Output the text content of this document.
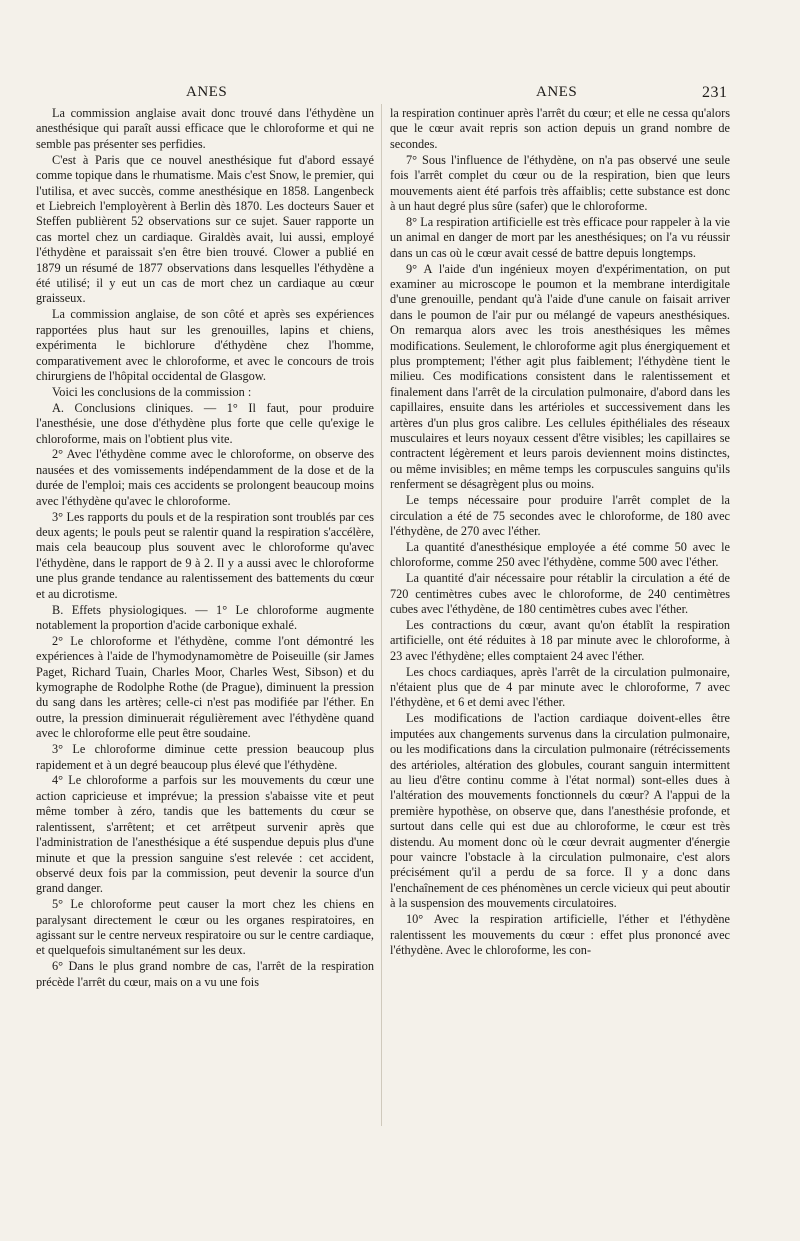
ANES	ANES	231

La commission anglaise avait donc trouvé dans l'éthydène un anesthésique qui paraît aussi efficace que le chloroforme et qui ne semble pas présenter ses perfidies.

C'est à Paris que ce nouvel anesthésique fut d'abord essayé comme topique dans le rhumatisme. Mais c'est Snow, le premier, qui l'utilisa, et avec succès, comme anesthésique en 1858. Langenbeck et Liebreich l'employèrent à Berlin dès 1870. Les docteurs Sauer et Steffen publièrent 52 observations sur ce sujet. Sauer rapporte un cas mortel chez un cardiaque. Giraldès avait, lui aussi, employé l'éthydène et paraissait s'en être bien trouvé. Clower a publié en 1879 un résumé de 1877 observations dans lesquelles l'éthydène a été utilisé; il y eut un cas de mort chez un cardiaque au cœur graisseux.

La commission anglaise, de son côté et après ses expériences rapportées plus haut sur les grenouilles, lapins et chiens, expérimenta le bichlorure d'éthydène chez l'homme, comparativement avec le chloroforme, et avec le concours de trois chirurgiens de l'hôpital occidental de Glasgow.

Voici les conclusions de la commission :

A. Conclusions cliniques. — 1° Il faut, pour produire l'anesthésie, une dose d'éthydène plus forte que celle qu'exige le chloroforme, mais on l'obtient plus vite.

2° Avec l'éthydène comme avec le chloroforme, on observe des nausées et des vomissements indépendamment de la dose et de la durée de l'emploi; mais ces accidents se prolongent beaucoup moins avec l'éthydène qu'avec le chloroforme.

3° Les rapports du pouls et de la respiration sont troublés par ces deux agents; le pouls peut se ralentir quand la respiration s'accélère, mais cela beaucoup plus souvent avec le chloroforme qu'avec l'éthydène, dans le rapport de 9 à 2. Il y a aussi avec le chloroforme une plus grande tendance au ralentissement des battements du cœur et au dicrotisme.

B. Effets physiologiques. — 1° Le chloroforme augmente notablement la proportion d'acide carbonique exhalé.

2° Le chloroforme et l'éthydène, comme l'ont démontré les expériences à l'aide de l'hymodynamomètre de Poiseuille (sir James Paget, Richard Tuain, Charles Moor, Charles West, Sibson) et du kymographe de Rodolphe Rothe (de Prague), diminuent la pression du sang dans les artères; celle-ci n'est pas modifiée par l'éther. En outre, la pression diminuerait régulièrement avec l'éthydène quand avec le chloroforme elle peut être soudaine.

3° Le chloroforme diminue cette pression beaucoup plus rapidement et à un degré beaucoup plus élevé que l'éthydène.

4° Le chloroforme a parfois sur les mouvements du cœur une action capricieuse et imprévue; la pression s'abaisse vite et peut même tomber à zéro, tandis que les battements du cœur se ralentissent, s'arrêtent; et cet arrêtpeut survenir après que l'administration de l'anesthésique a été suspendue depuis plus d'une minute et que la pression sanguine s'est relevée : cet accident, observé deux fois par la commission, peut devenir la source d'un grand danger.

5° Le chloroforme peut causer la mort chez les chiens en paralysant directement le cœur ou les organes respiratoires, en agissant sur le centre nerveux respiratoire ou sur le centre cardiaque, et quelquefois simultanément sur les deux.

6° Dans le plus grand nombre de cas, l'arrêt de la respiration précède l'arrêt du cœur, mais on a vu une fois

la respiration continuer après l'arrêt du cœur; et elle ne cessa qu'alors que le cœur avait repris son action depuis un grand nombre de secondes.

7° Sous l'influence de l'éthydène, on n'a pas observé une seule fois l'arrêt complet du cœur ou de la respiration, bien que leurs mouvements aient été parfois très affaiblis; cette substance est donc à un haut degré plus sûre (safer) que le chloroforme.

8° La respiration artificielle est très efficace pour rappeler à la vie un animal en danger de mort par les anesthésiques; on l'a vu réussir dans un cas où le cœur avait cessé de battre depuis longtemps.

9° A l'aide d'un ingénieux moyen d'expérimentation, on put examiner au microscope le poumon et la membrane interdigitale d'une grenouille, pendant qu'à l'aide d'une canule on faisait arriver dans le poumon de l'air pur ou mélangé de vapeurs anesthésiques. On remarqua alors avec les trois anesthésiques les mêmes modifications. Seulement, le chloroforme agit plus énergiquement et plus promptement; l'éther agit plus faiblement; l'éthydène tient le milieu. Ces modifications consistent dans le ralentissement et finalement dans l'arrêt de la circulation pulmonaire, d'abord dans les capillaires, ensuite dans les artérioles et successivement dans les artères d'un plus gros calibre. Les cellules épithéliales des réseaux musculaires et leurs noyaux cessent d'être visibles; les capillaires se contractent légèrement et leurs parois deviennent moins distinctes, ou même invisibles; en même temps les corpuscules sanguins qu'ils renferment se désagrègent plus ou moins.

Le temps nécessaire pour produire l'arrêt complet de la circulation a été de 75 secondes avec le chloroforme, de 180 avec l'éthydène, de 270 avec l'éther.

La quantité d'anesthésique employée a été comme 50 avec le chloroforme, comme 250 avec l'éthydène, comme 500 avec l'éther.

La quantité d'air nécessaire pour rétablir la circulation a été de 720 centimètres cubes avec le chloroforme, de 240 centimètres cubes avec l'éthydène, de 180 centimètres cubes avec l'éther.

Les contractions du cœur, avant qu'on établît la respiration artificielle, ont été réduites à 18 par minute avec le chloroforme, à 23 avec l'éthydène; elles comptaient 24 avec l'éther.

Les chocs cardiaques, après l'arrêt de la circulation pulmonaire, n'étaient plus que de 4 par minute avec le chloroforme, 7 avec l'éthydène, et 6 et demi avec l'éther.

Les modifications de l'action cardiaque doivent-elles être imputées aux changements survenus dans la circulation pulmonaire, ou les modifications dans la circulation pulmonaire (rétrécissements des artérioles, altération des globules, courant sanguin intermittent au lieu d'être continu comme à l'état normal) sont-elles dues à l'altération des mouvements fonctionnels du cœur? A l'appui de la première hypothèse, on observe que, dans l'anesthésie profonde, et surtout dans celle qui est due au chloroforme, le cœur est très distendu. Au moment donc où le cœur devrait augmenter d'énergie pour vaincre l'obstacle à la circulation pulmonaire, c'est alors précisément qu'il a perdu de sa force. Il y a donc dans l'enchaînement de ces phénomènes un cercle vicieux qui peut aboutir à la suspension des mouvements circulatoires.

10° Avec la respiration artificielle, l'éther et l'éthydène ralentissent les mouvements du cœur : effet plus prononcé avec l'éthydène. Avec le chloroforme, les con-
